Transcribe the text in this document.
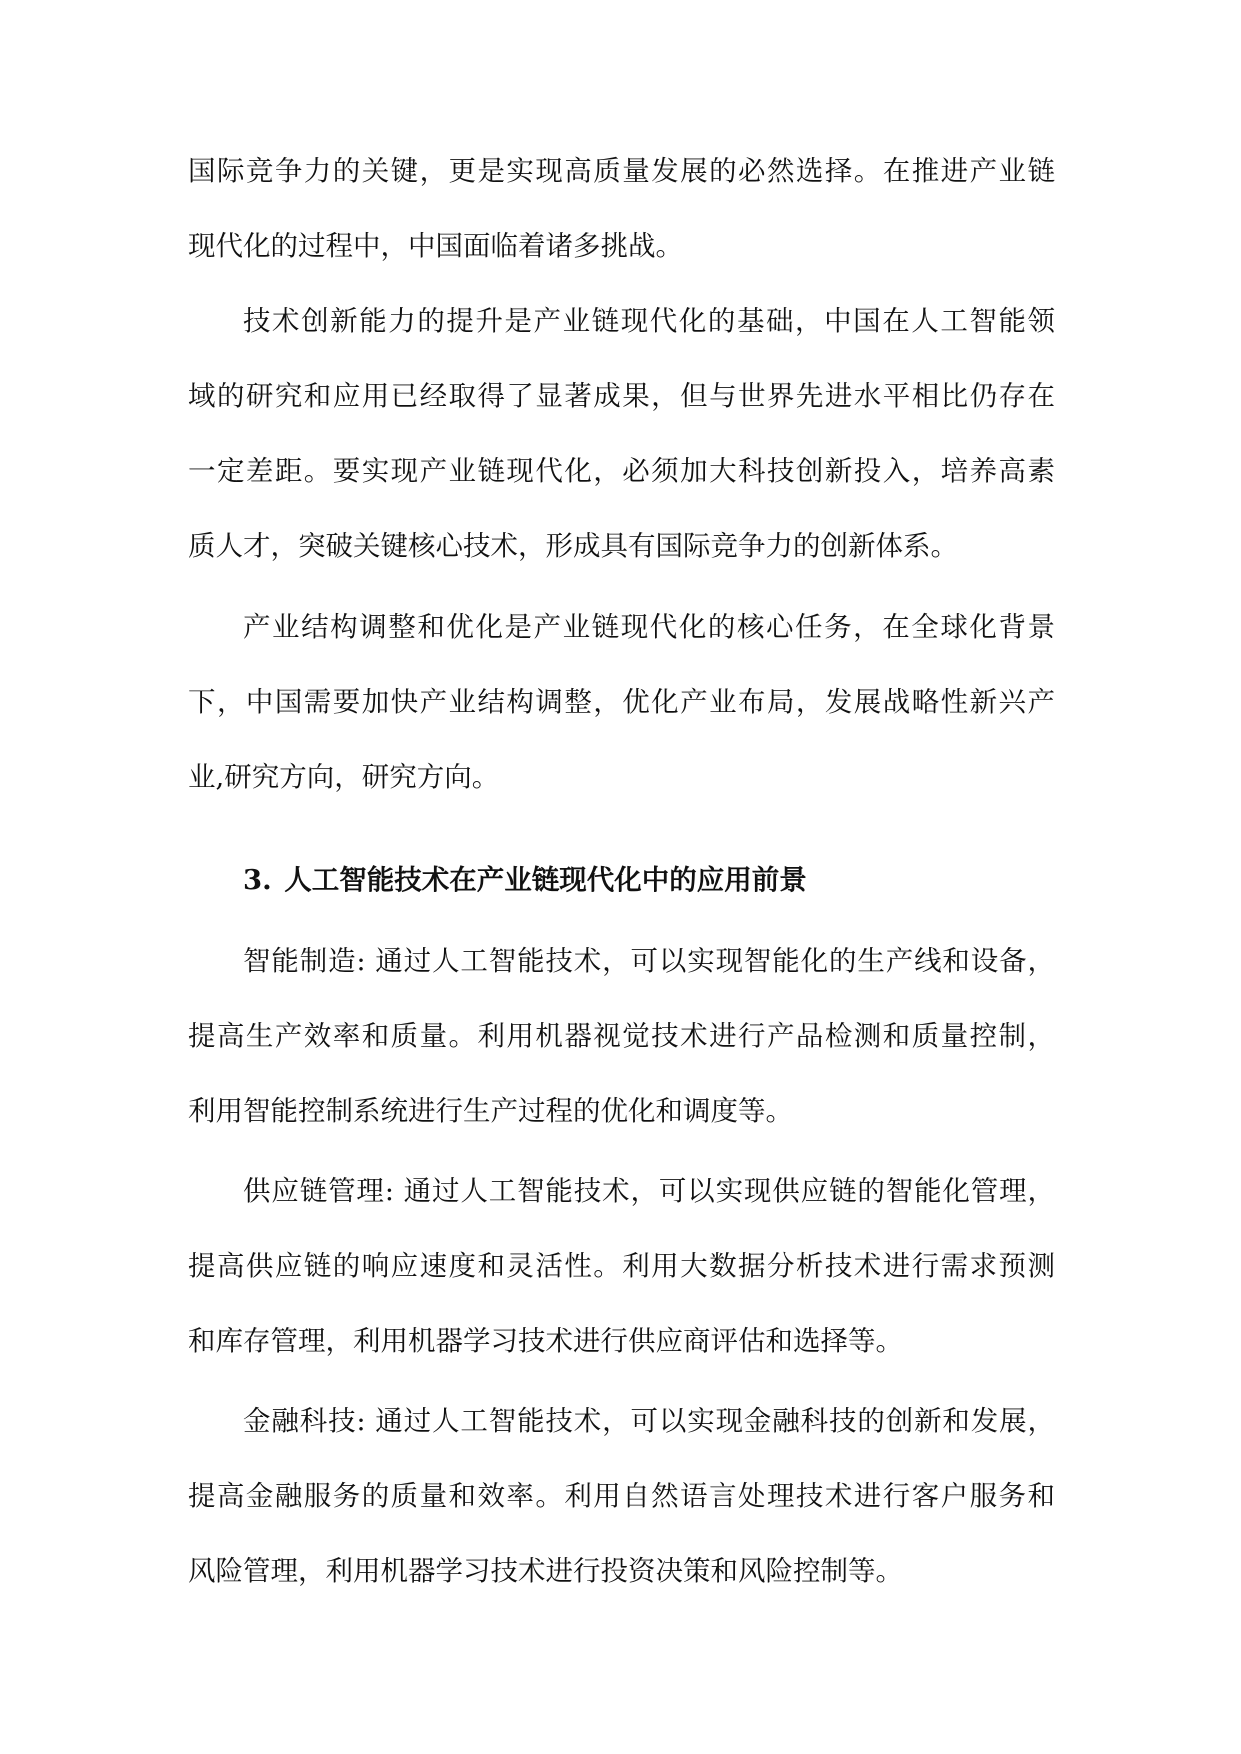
国际竞争力的关键，更是实现高质量发展的必然选择。在推进产业链
现代化的过程中，中国面临着诸多挑战。
技术创新能力的提升是产业链现代化的基础，中国在人工智能领
域的研究和应用已经取得了显著成果，但与世界先进水平相比仍存在
一定差距。要实现产业链现代化，必须加大科技创新投入，培养高素
质人才，突破关键核心技术，形成具有国际竞争力的创新体系。
产业结构调整和优化是产业链现代化的核心任务，在全球化背景
下，中国需要加快产业结构调整，优化产业布局，发展战略性新兴产
业,研究方向，研究方向。
3. 人工智能技术在产业链现代化中的应用前景
智能制造: 通过人工智能技术，可以实现智能化的生产线和设备，
提高生产效率和质量。利用机器视觉技术进行产品检测和质量控制，
利用智能控制系统进行生产过程的优化和调度等。
供应链管理: 通过人工智能技术，可以实现供应链的智能化管理，
提高供应链的响应速度和灵活性。利用大数据分析技术进行需求预测
和库存管理，利用机器学习技术进行供应商评估和选择等。
金融科技: 通过人工智能技术，可以实现金融科技的创新和发展，
提高金融服务的质量和效率。利用自然语言处理技术进行客户服务和
风险管理，利用机器学习技术进行投资决策和风险控制等。
